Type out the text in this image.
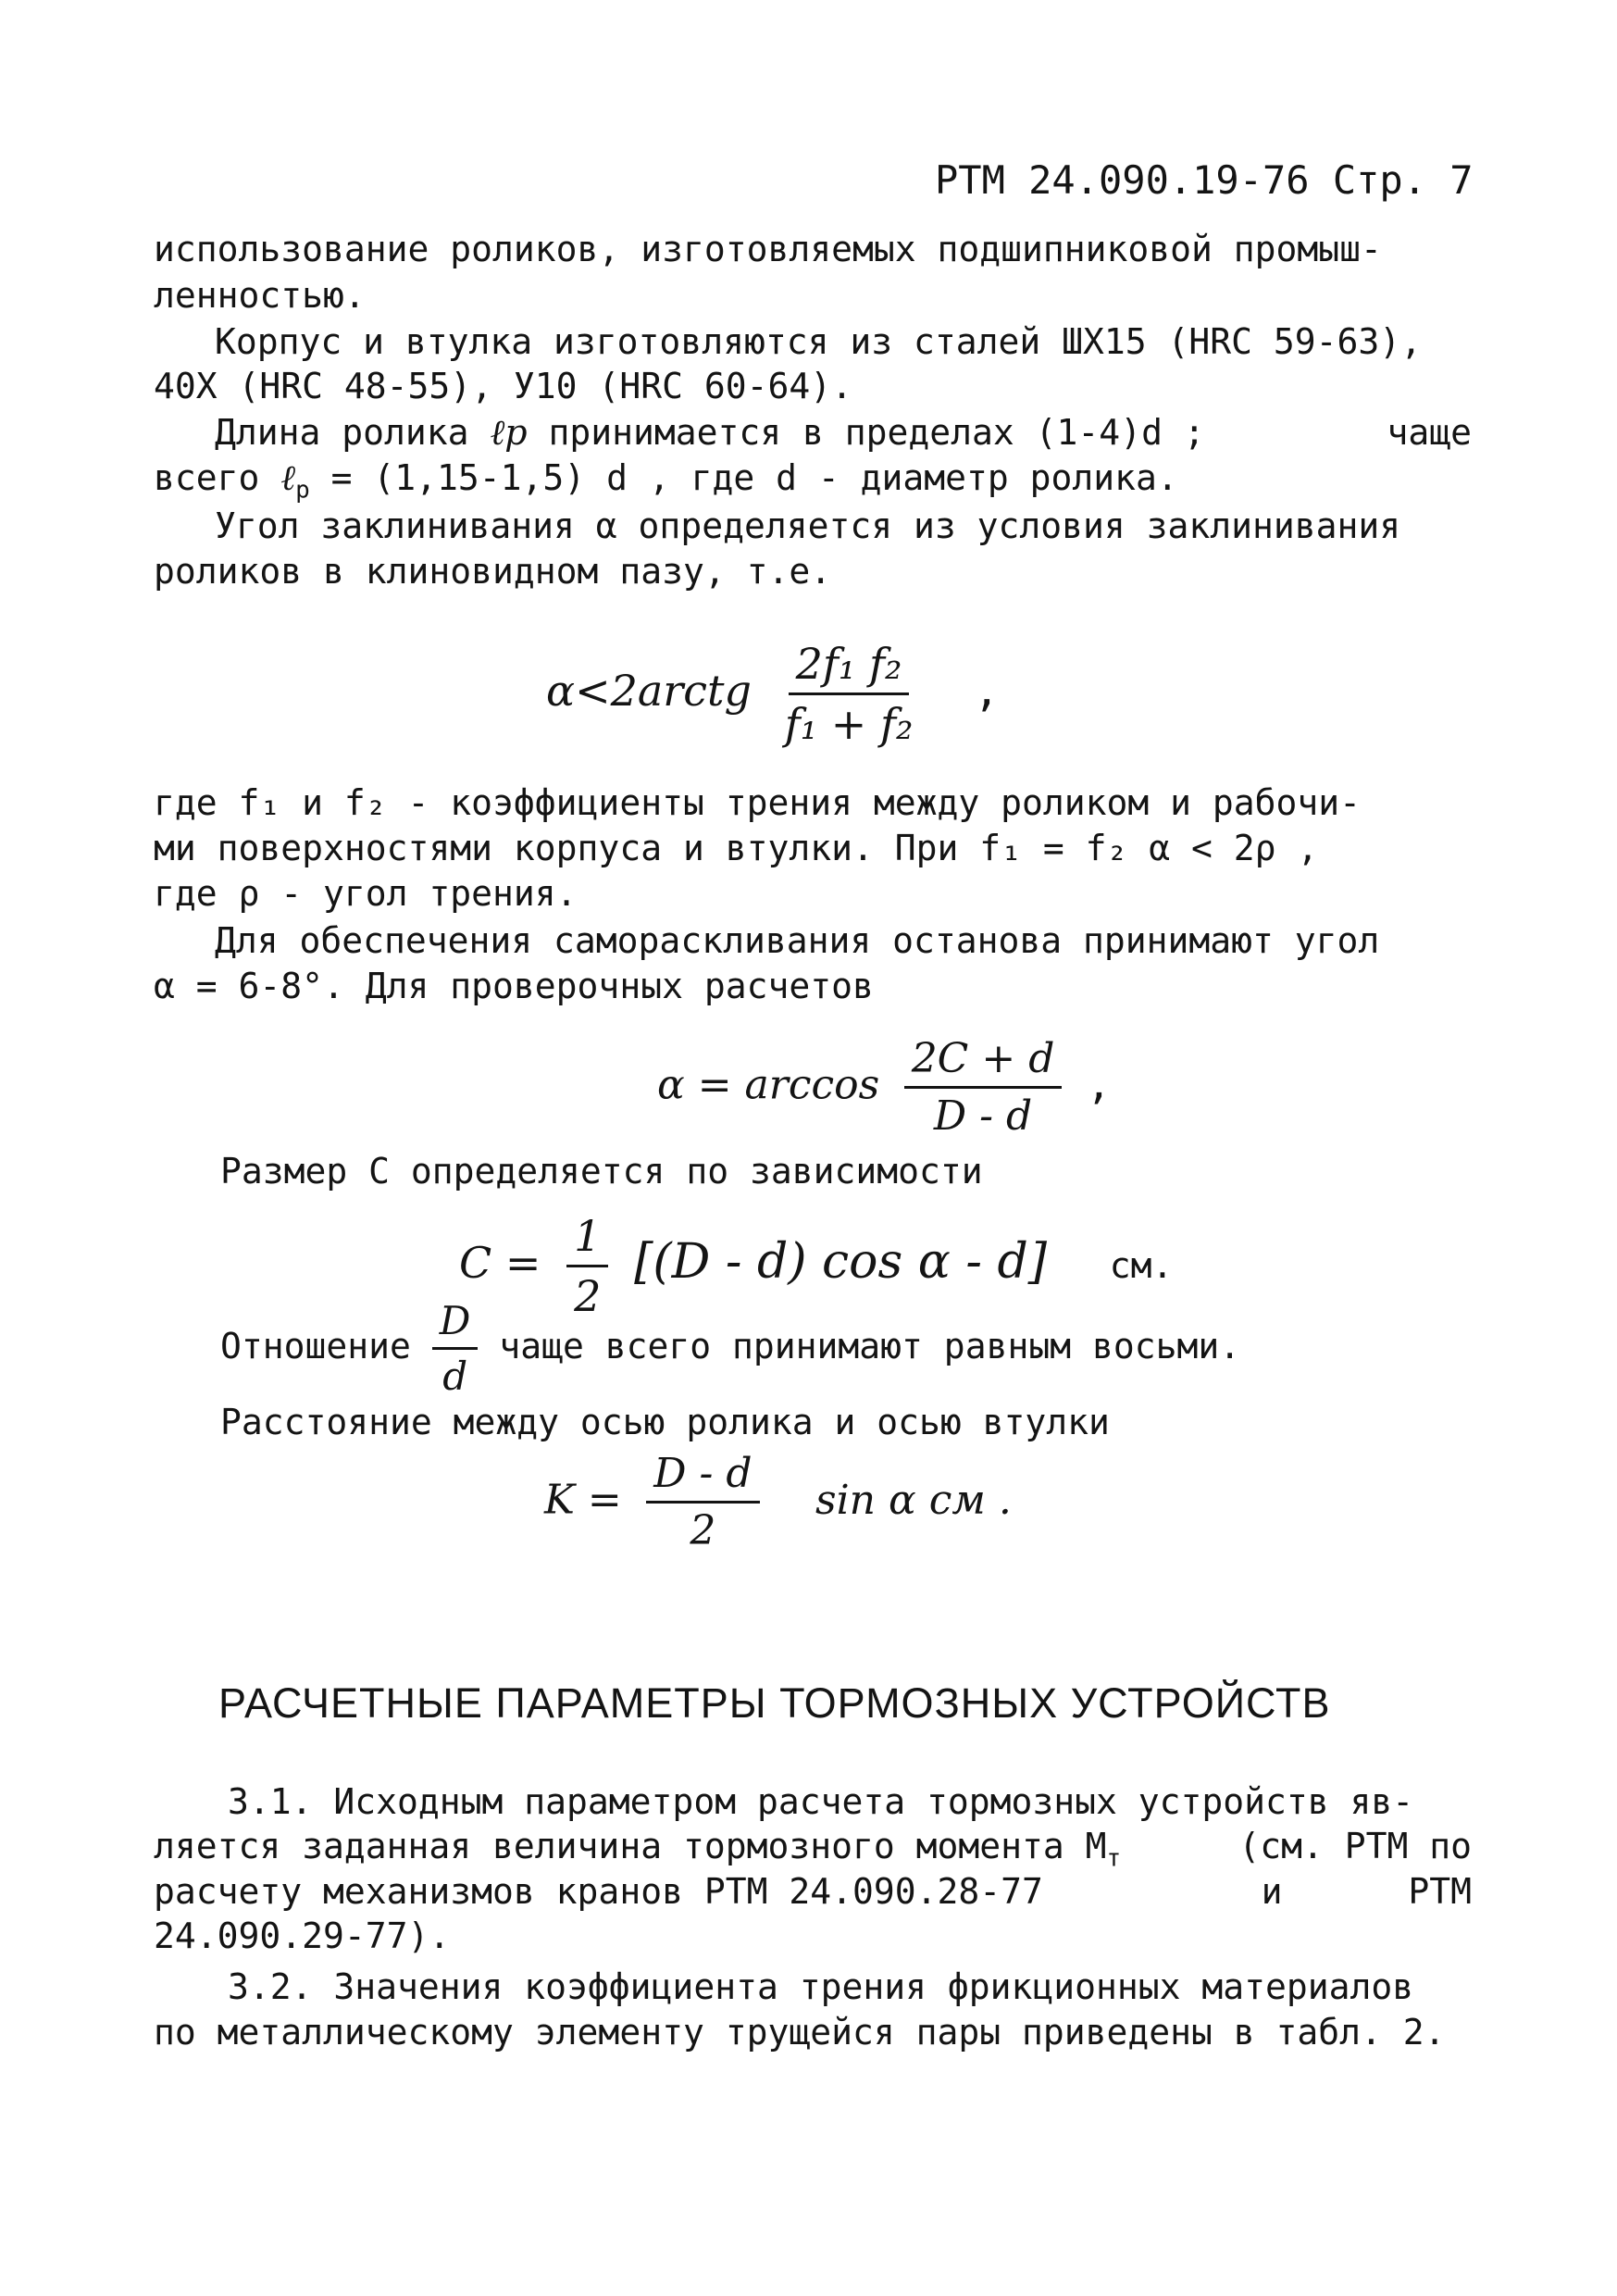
РТМ 24.090.19-76 Стр. 7
использование роликов, изготовляемых подшипниковой промыш-
ленностью.
Корпус и втулка изготовляются из сталей ШХ15 (HRC 59-63),
40X (HRC 48-55), У10 (HRC 60-64).
Длина ролика ℓp принимается в пределах (1-4)d ;	чаще
всего ℓ$_р$ = (1,15-1,5) d , где d - диаметр ролика.
Угол заклинивания α определяется из условия заклинивания
роликов в клиновидном пазу, т.е.
α<2arctg $\frac{\text{2f₁ f₂}}{\text{f₁ + f₂}}$ ,
где f₁ и f₂ - коэффициенты трения между роликом и рабочи-
ми поверхностями корпуса и втулки. При f₁ = f₂ α < 2ρ ,
где ρ - угол трения.
Для обеспечения самораскливания останова принимают угол
α = 6-8°. Для проверочных расчетов
$\alpha = \arccos \frac{2C + d}{D - d}$ ,
Размер С определяется по зависимости
$C = \frac{1}{2} [(D - d)$ cos α - d] см.
Отношение $\frac{D}{d}$ чаще всего принимают равным восьми.
Расстояние между осью ролика и осью втулки
$K = \frac{D - d}{2}$ sin α см .
РАСЧЕТНЫЕ ПАРАМЕТРЫ ТОРМОЗНЫХ УСТРОЙСТВ
3.1. Исходным параметром расчета тормозных устройств яв-
ляется заданная величина тормозного момента $M_т$	(см. РТМ по
расчету механизмов кранов РТМ 24.090.28-77	и	РТМ
24.090.29-77).
3.2. Значения коэффициента трения фрикционных материалов
по металлическому элементу трущейся пары приведены в табл. 2.
